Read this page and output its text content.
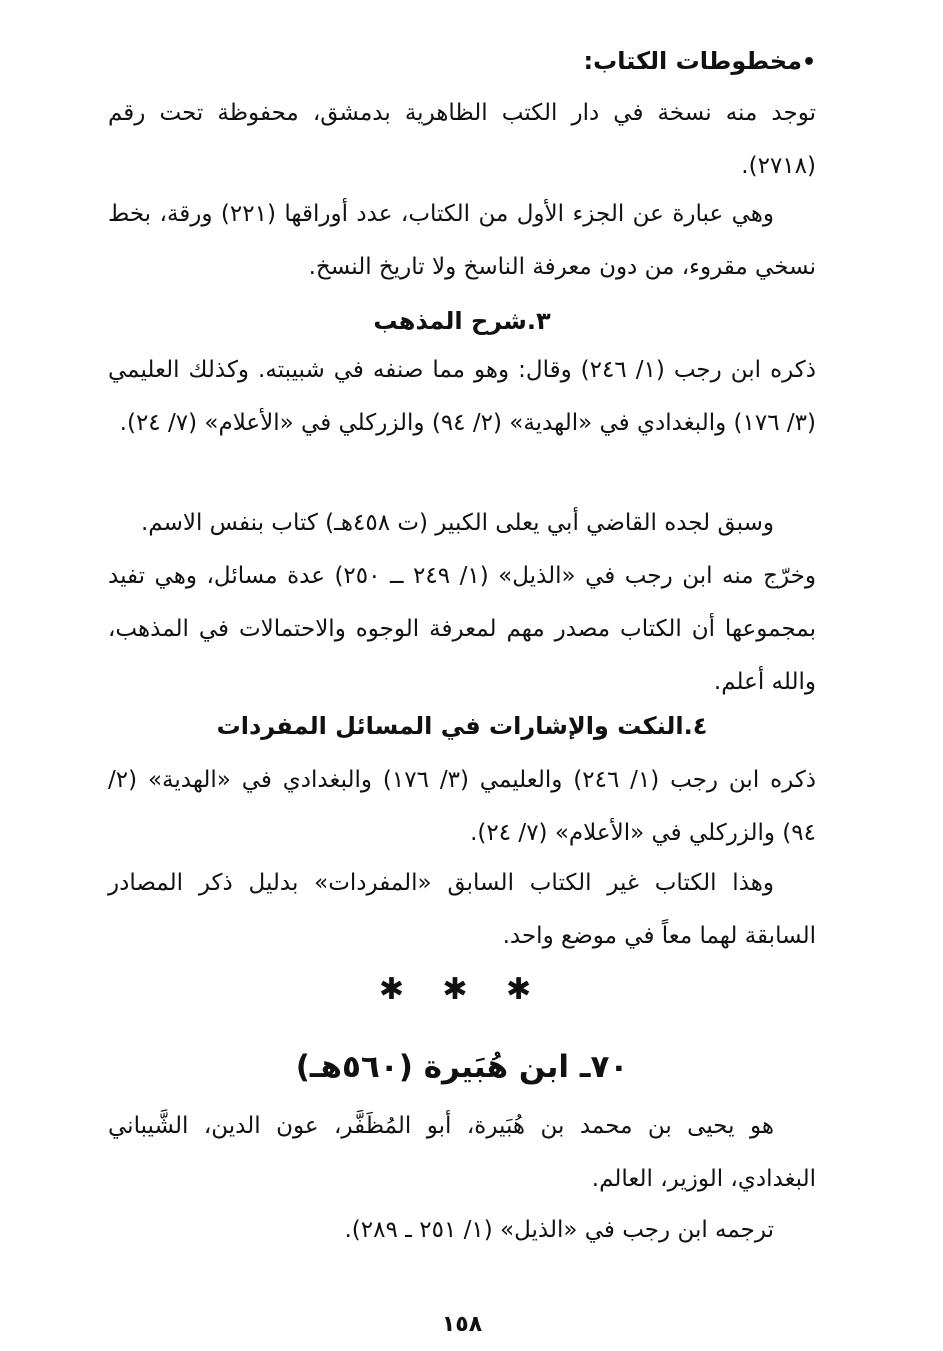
•مخطوطات الكتاب:

توجد منه نسخة في دار الكتب الظاهرية بدمشق، محفوظة تحت رقم (٢٧١٨).

وهي عبارة عن الجزء الأول من الكتاب، عدد أوراقها (٢٢١) ورقة، بخط نسخي مقروء، من دون معرفة الناسخ ولا تاريخ النسخ.

٣.شرح المذهب

ذكره ابن رجب (١/ ٢٤٦) وقال: وهو مما صنفه في شبيبته. وكذلك العليمي (٣/ ١٧٦) والبغدادي في «الهدية» (٢/ ٩٤) والزركلي في «الأعلام» (٧/ ٢٤).

وسبق لجده القاضي أبي يعلى الكبير (ت ٤٥٨هـ) كتاب بنفس الاسم.

وخرّج منه ابن رجب في «الذيل» (١/ ٢٤٩ ــ ٢٥٠) عدة مسائل، وهي تفيد بمجموعها أن الكتاب مصدر مهم لمعرفة الوجوه والاحتمالات في المذهب، والله أعلم.

٤.النكت والإشارات في المسائل المفردات

ذكره ابن رجب (١/ ٢٤٦) والعليمي (٣/ ١٧٦) والبغدادي في «الهدية» (٢/ ٩٤) والزركلي في «الأعلام» (٧/ ٢٤).

وهذا الكتاب غير الكتاب السابق «المفردات» بدليل ذكر المصادر السابقة لهما معاً في موضع واحد.

✱ ✱ ✱
٧٠ـ ابن هُبَيرة (٥٦٠هـ)

هو يحيى بن محمد بن هُبَيرة، أبو المُظَفَّر، عون الدين، الشَّيباني البغدادي، الوزير، العالم.

ترجمه ابن رجب في «الذيل» (١/ ٢٥١ ـ ٢٨٩).

١٥٨
